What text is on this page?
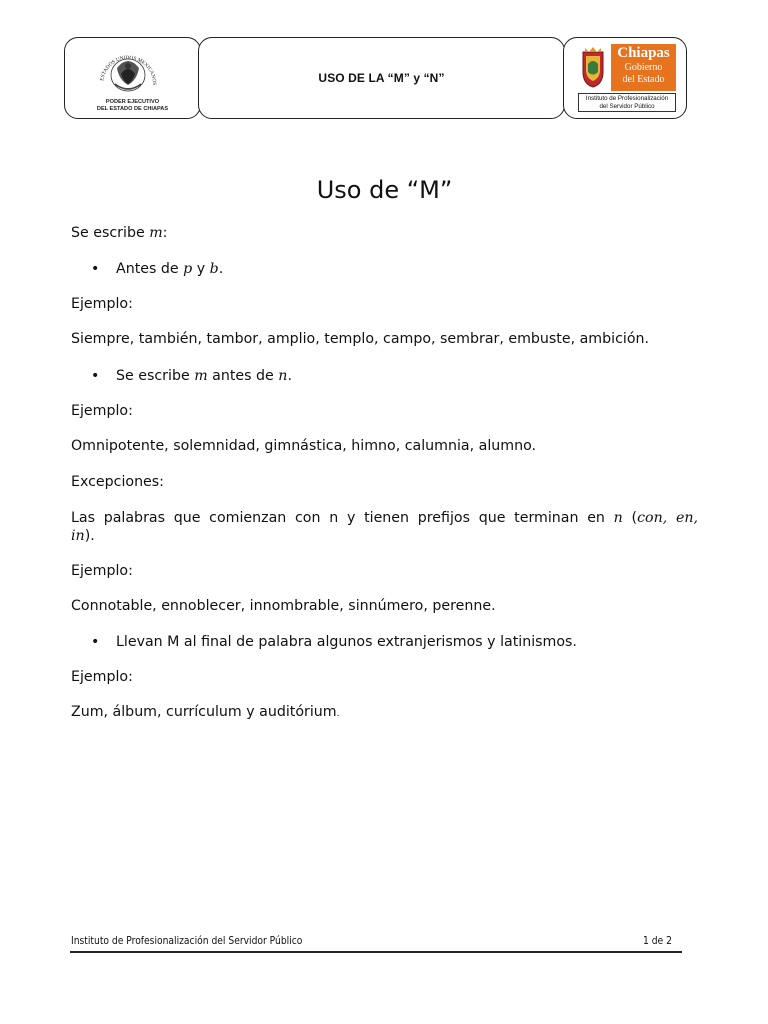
ESTADOS UNIDOS MEXICANOS
PODER EJECUTIVO
DEL ESTADO DE CHIAPAS
USO DE LA “M” y “N”
Chiapas
Gobierno
del Estado
Instituto de Profesionalización
del Servidor Público
Uso de “M”

Se escribe m:

• Antes de p y b.

Ejemplo:

Siempre, también, tambor, amplio, templo, campo, sembrar, embuste, ambición.

• Se escribe m antes de n.

Ejemplo:

Omnipotente, solemnidad, gimnástica, himno, calumnia, alumno.

Excepciones:

Las palabras que comienzan con n y tienen prefijos que terminan en n (con, en,

in).

Ejemplo:

Connotable, ennoblecer, innombrable, sinnúmero, perenne.

• Llevan M al final de palabra algunos extranjerismos y latinismos.

Ejemplo:

Zum, álbum, currículum y auditórium.

Instituto de Profesionalización del Servidor Público	1 de 2
